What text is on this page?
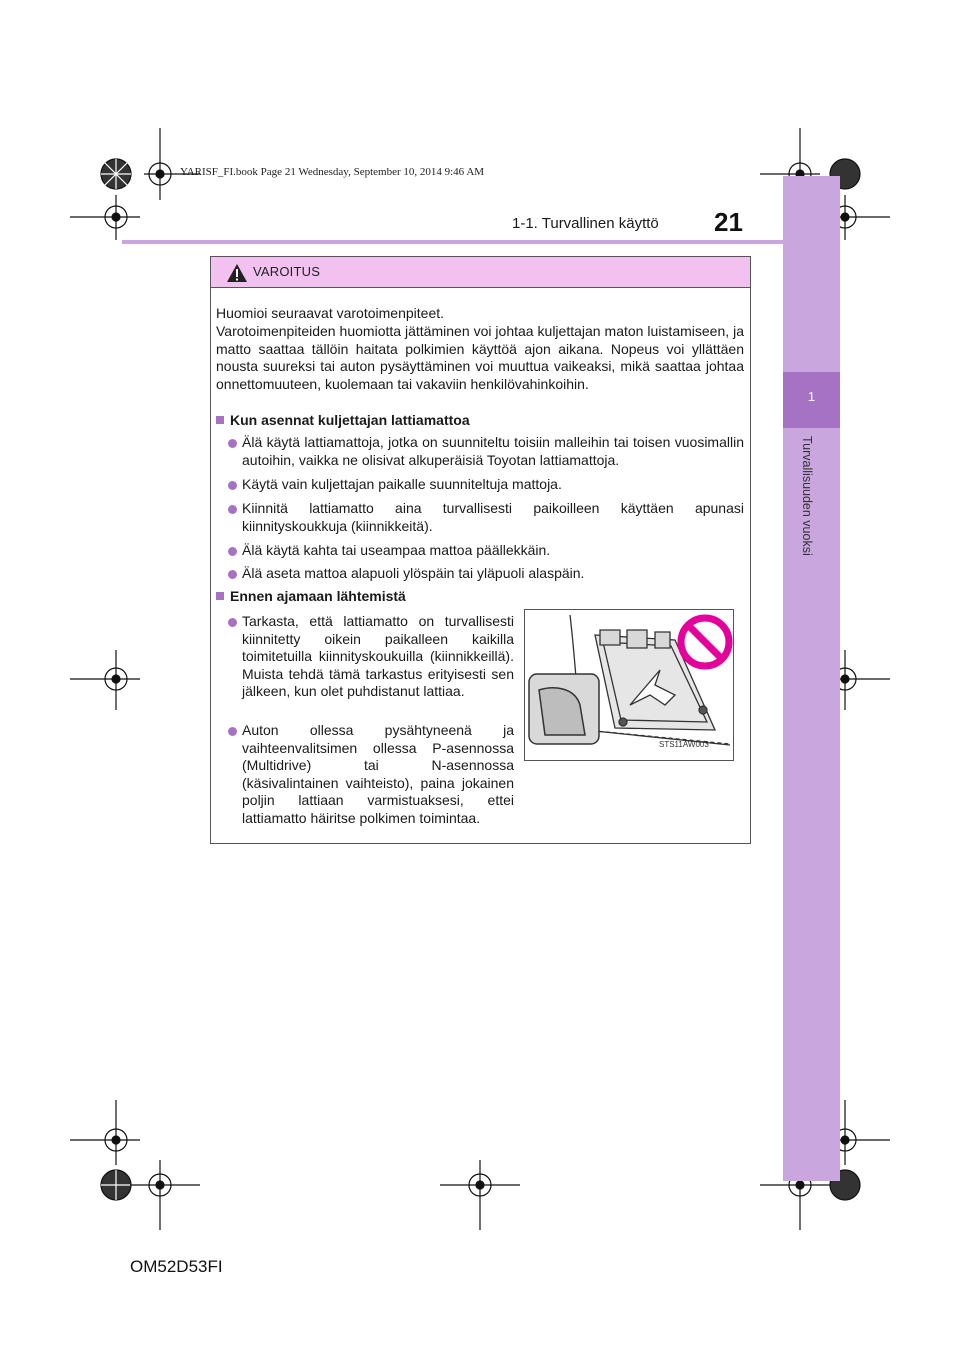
YARISF_FI.book Page 21 Wednesday, September 10, 2014 9:46 AM
1
Turvallisuuden vuoksi
1-1. Turvallinen käyttö 21
VAROITUS
Huomioi seuraavat varotoimenpiteet.
Varotoimenpiteiden huomiotta jättäminen voi johtaa kuljettajan maton luistamiseen, ja matto saattaa tällöin haitata polkimien käyttöä ajon aikana. Nopeus voi yllättäen nousta suureksi tai auton pysäyttäminen voi muuttua vaikeaksi, mikä saattaa johtaa onnettomuuteen, kuolemaan tai vakaviin henkilövahinkoihin.
Kun asennat kuljettajan lattiamattoa
Älä käytä lattiamattoja, jotka on suunniteltu toisiin malleihin tai toisen vuosimallin autoihin, vaikka ne olisivat alkuperäisiä Toyotan lattiamattoja.
Käytä vain kuljettajan paikalle suunniteltuja mattoja.
Kiinnitä lattiamatto aina turvallisesti paikoilleen käyttäen apunasi kiinnityskoukkuja (kiinnikkeitä).
Älä käytä kahta tai useampaa mattoa päällekkäin.
Älä aseta mattoa alapuoli ylöspäin tai yläpuoli alaspäin.
Ennen ajamaan lähtemistä
Tarkasta, että lattiamatto on turvallisesti kiinnitetty oikein paikalleen kaikilla toimitetuilla kiinnityskoukuilla (kiinnikkeillä). Muista tehdä tämä tarkastus erityisesti sen jälkeen, kun olet puhdistanut lattiaa.
Auton ollessa pysähtyneenä ja vaihteenvalitsimen ollessa P-asennossa (Multidrive) tai N-asennossa (käsivalintainen vaihteisto), paina jokainen poljin lattiaan varmistuaksesi, ettei lattiamatto häiritse polkimen toimintaa.
STS11AW003
OM52D53FI
